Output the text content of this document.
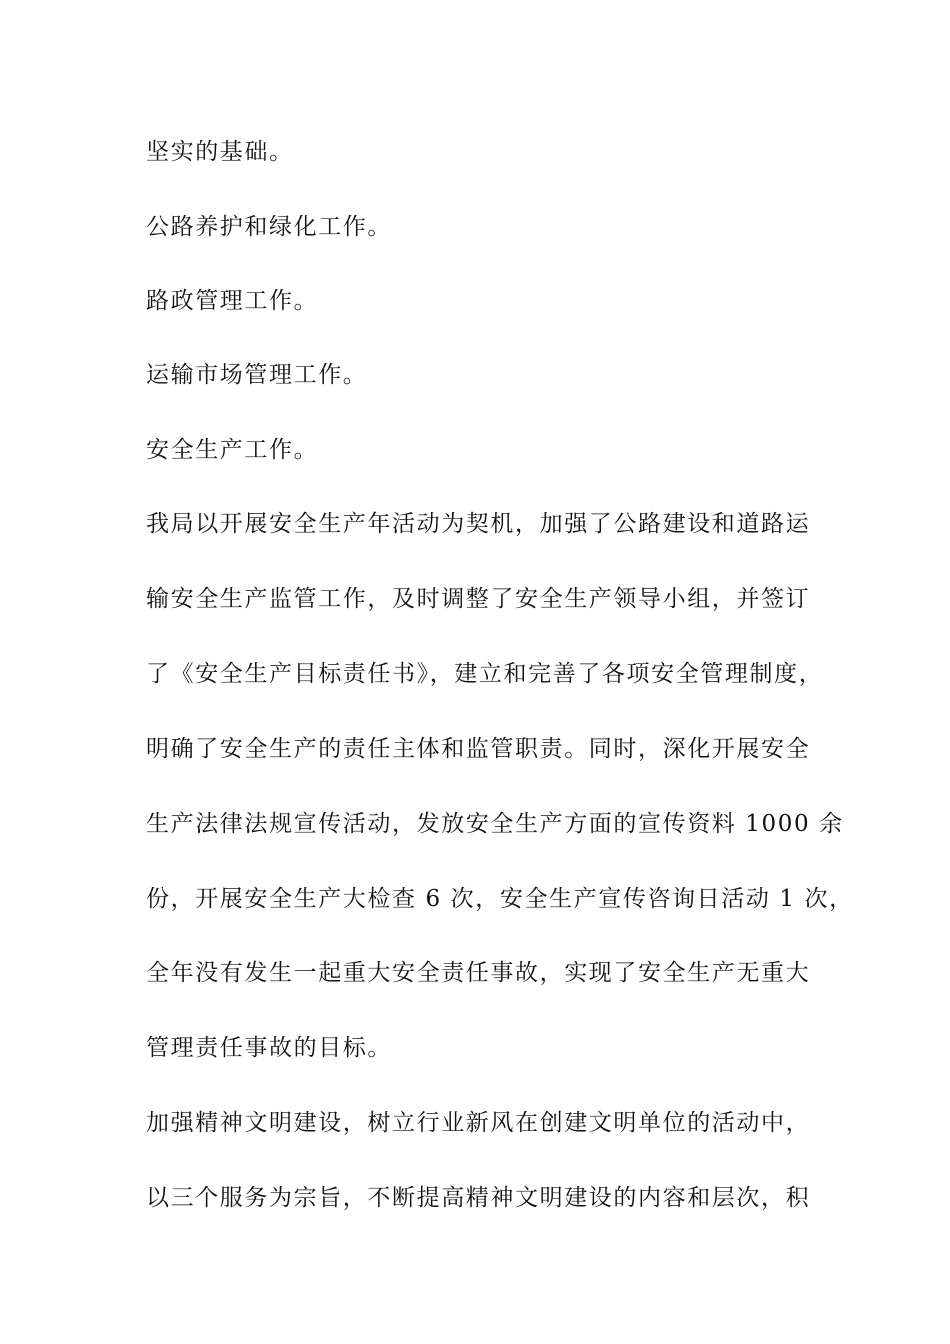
坚实的基础。
公路养护和绿化工作。
路政管理工作。
运输市场管理工作。
安全生产工作。
我局以开展安全生产年活动为契机，加强了公路建设和道路运
输安全生产监管工作，及时调整了安全生产领导小组，并签订
了《安全生产目标责任书》，建立和完善了各项安全管理制度，
明确了安全生产的责任主体和监管职责。同时，深化开展安全
生产法律法规宣传活动，发放安全生产方面的宣传资料 1000 余
份，开展安全生产大检查 6 次，安全生产宣传咨询日活动 1 次，
全年没有发生一起重大安全责任事故，实现了安全生产无重大
管理责任事故的目标。
加强精神文明建设，树立行业新风在创建文明单位的活动中，
以三个服务为宗旨，不断提高精神文明建设的内容和层次，积
